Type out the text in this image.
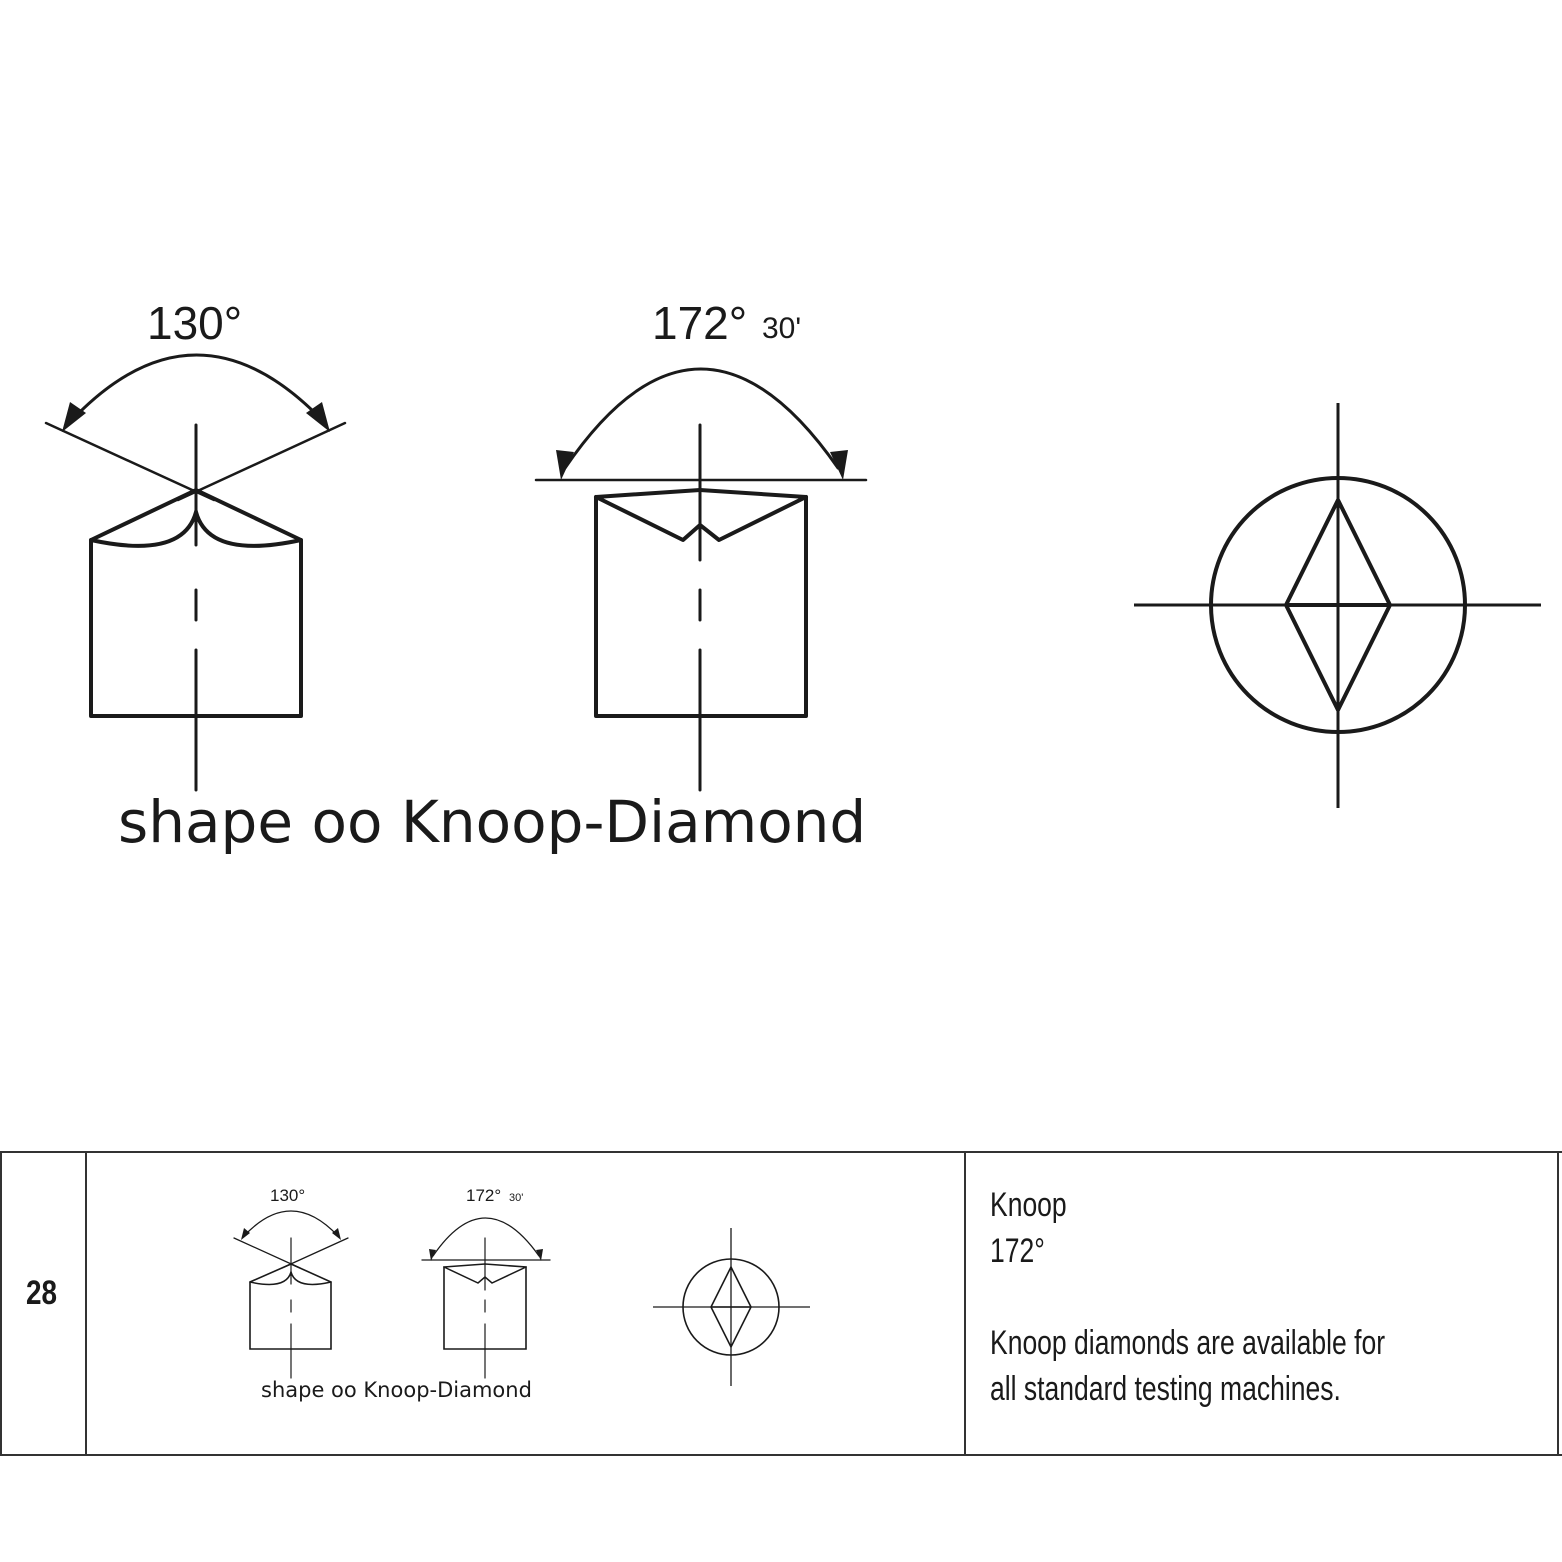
130°	172° 30'
shape oo Knoop-Diamond
130°	172° 30'
shape oo Knoop-Diamond
28
Knoop
172°
Knoop diamonds are available for
all standard testing machines.
